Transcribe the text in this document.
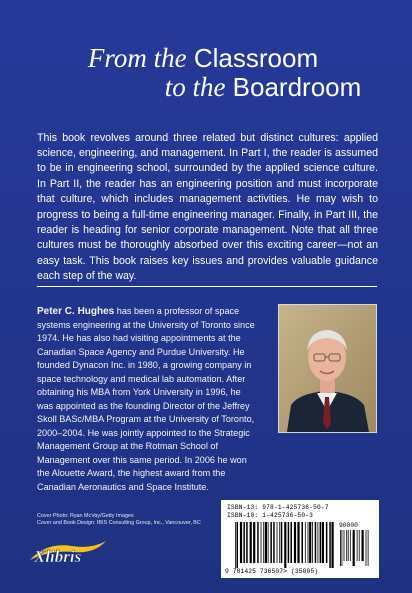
From the Classroom
to the Boardroom

This book revolves around three related but distinct cultures: applied science, engineering, and management. In Part I, the reader is assumed to be in engineering school, surrounded by the applied science culture. In Part II, the reader has an engineering position and must incorporate that culture, which includes management activities. He may wish to progress to being a full-time engineering manager. Finally, in Part III, the reader is heading for senior corporate management. Note that all three cultures must be thoroughly absorbed over this exciting career—not an easy task. This book raises key issues and provides valuable guidance each step of the way.

Peter C. Hughes has been a professor of space systems engineering at the University of Toronto since 1974. He has also had visiting appointments at the Canadian Space Agency and Purdue University. He founded Dynacon Inc. in 1980, a growing company in space technology and medical lab automation. After obtaining his MBA from York University in 1996, he was appointed as the founding Director of the Jeffrey Skoll BASc/MBA Program at the University of Toronto, 2000–2004. He was jointly appointed to the Strategic Management Group at the Rotman School of Management over this same period. In 2006 he won the Alouette Award, the highest award from the Canadian Aeronautics and Space Institute.

Cover Photo: Ryan McVay/Getty Images
Cover and Book Design: IBIS Consulting Group, Inc., Vancouver, BC
Xlibris
ISBN-13: 978-1-425736-50-7
ISBN-10: 1-425736-50-3
90000
9 781425 736507> (35005)
